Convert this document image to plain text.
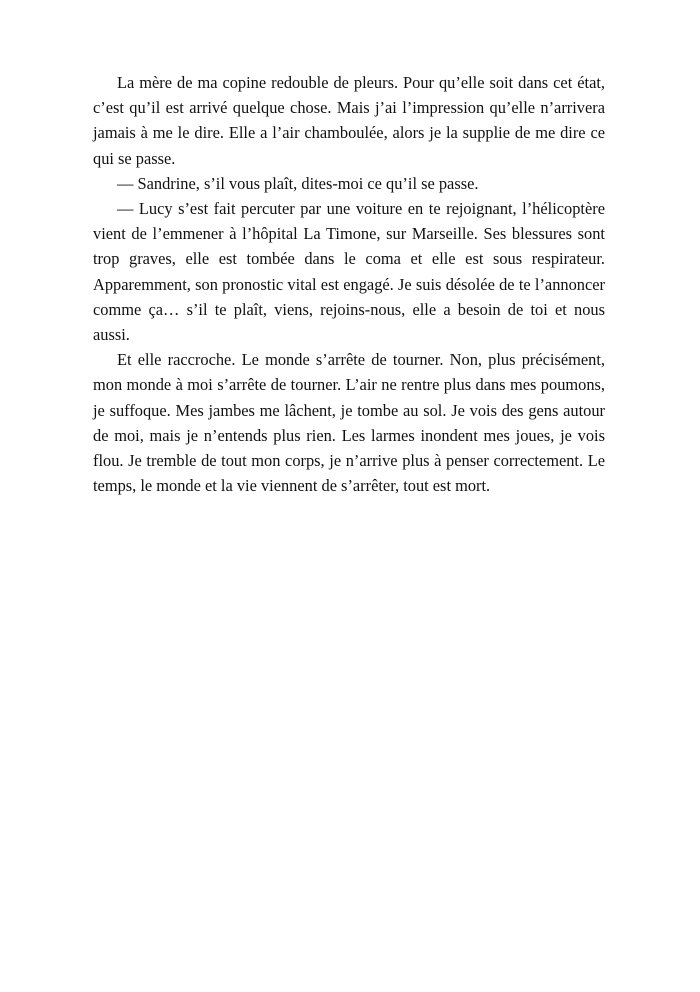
La mère de ma copine redouble de pleurs. Pour qu’elle soit dans cet état, c’est qu’il est arrivé quelque chose. Mais j’ai l’impression qu’elle n’arrivera jamais à me le dire. Elle a l’air chamboulée, alors je la supplie de me dire ce qui se passe.

— Sandrine, s’il vous plaît, dites-moi ce qu’il se passe.

— Lucy s’est fait percuter par une voiture en te rejoignant, l’hélicoptère vient de l’emmener à l’hôpital La Timone, sur Marseille. Ses blessures sont trop graves, elle est tombée dans le coma et elle est sous respirateur. Apparemment, son pronostic vital est engagé. Je suis désolée de te l’annoncer comme ça… s’il te plaît, viens, rejoins-nous, elle a besoin de toi et nous aussi.

Et elle raccroche. Le monde s’arrête de tourner. Non, plus précisément, mon monde à moi s’arrête de tourner. L’air ne rentre plus dans mes poumons, je suffoque. Mes jambes me lâchent, je tombe au sol. Je vois des gens autour de moi, mais je n’entends plus rien. Les larmes inondent mes joues, je vois flou. Je tremble de tout mon corps, je n’arrive plus à penser correctement. Le temps, le monde et la vie viennent de s’arrêter, tout est mort.
